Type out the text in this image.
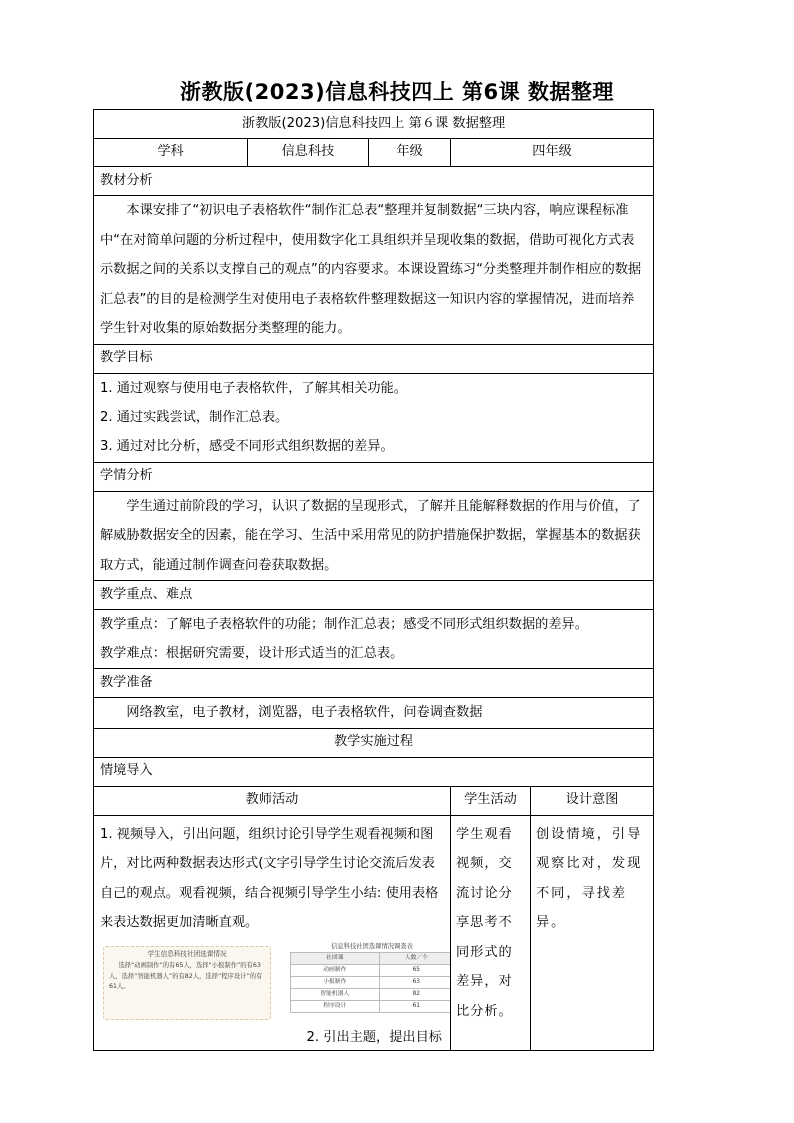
浙教版(2023)信息科技四上 第6课 数据整理
浙教版(2023)信息科技四上 第６课 数据整理
学科	信息科技	年级	四年级
教材分析
本课安排了“初识电子表格软件“制作汇总表“整理并复制数据“三块内容，响应课程标准中“在对简单问题的分析过程中，使用数字化工具组织并呈现收集的数据，借助可视化方式表示数据之间的关系以支撑自己的观点”的内容要求。本课设置练习“分类整理并制作相应的数据汇总表”的目的是检测学生对使用电子表格软件整理数据这一知识内容的掌握情况，进而培养学生针对收集的原始数据分类整理的能力。
教学目标

1. 通过观察与使用电子表格软件，了解其相关功能。
2. 通过实践尝试，制作汇总表。
3. 通过对比分析，感受不同形式组织数据的差异。

学情分析
学生通过前阶段的学习，认识了数据的呈现形式，了解并且能解释数据的作用与价值，了解威胁数据安全的因素，能在学习、生活中采用常见的防护措施保护数据，掌握基本的数据获取方式，能通过制作调查问卷获取数据。
教学重点、难点

教学重点：了解电子表格软件的功能；制作汇总表；感受不同形式组织数据的差异。
教学难点：根据研究需要，设计形式适当的汇总表。

教学准备
网络教室，电子教材，浏览器，电子表格软件，问卷调查数据
教学实施过程
情境导入
教师活动	学生活动	设计意图

1. 视频导入，引出问题，组织讨论引导学生观看视频和图片，对比两种数据表达形式(文字引导学生讨论交流后发表自己的观点。观看视频，结合视频引导学生小结: 使用表格来表达数据更加清晰直观。
学生信息科技社团选课情况

选择“动画制作”的有65人，选择“小报制作”的有63人，选择“智能机器人”的有82人，选择“程序设计”的有61人。

信息科技社团选课情况调查表
社团课	人数／个
动画制作	65
小报制作	63
智能机器人	82
程序设计	61
2. 引出主题，提出目标
	学生观看视频，交流讨论分享思考不同形式的差异，对比分析。	创设情境，引导观察比对，发现不同，寻找差异。
